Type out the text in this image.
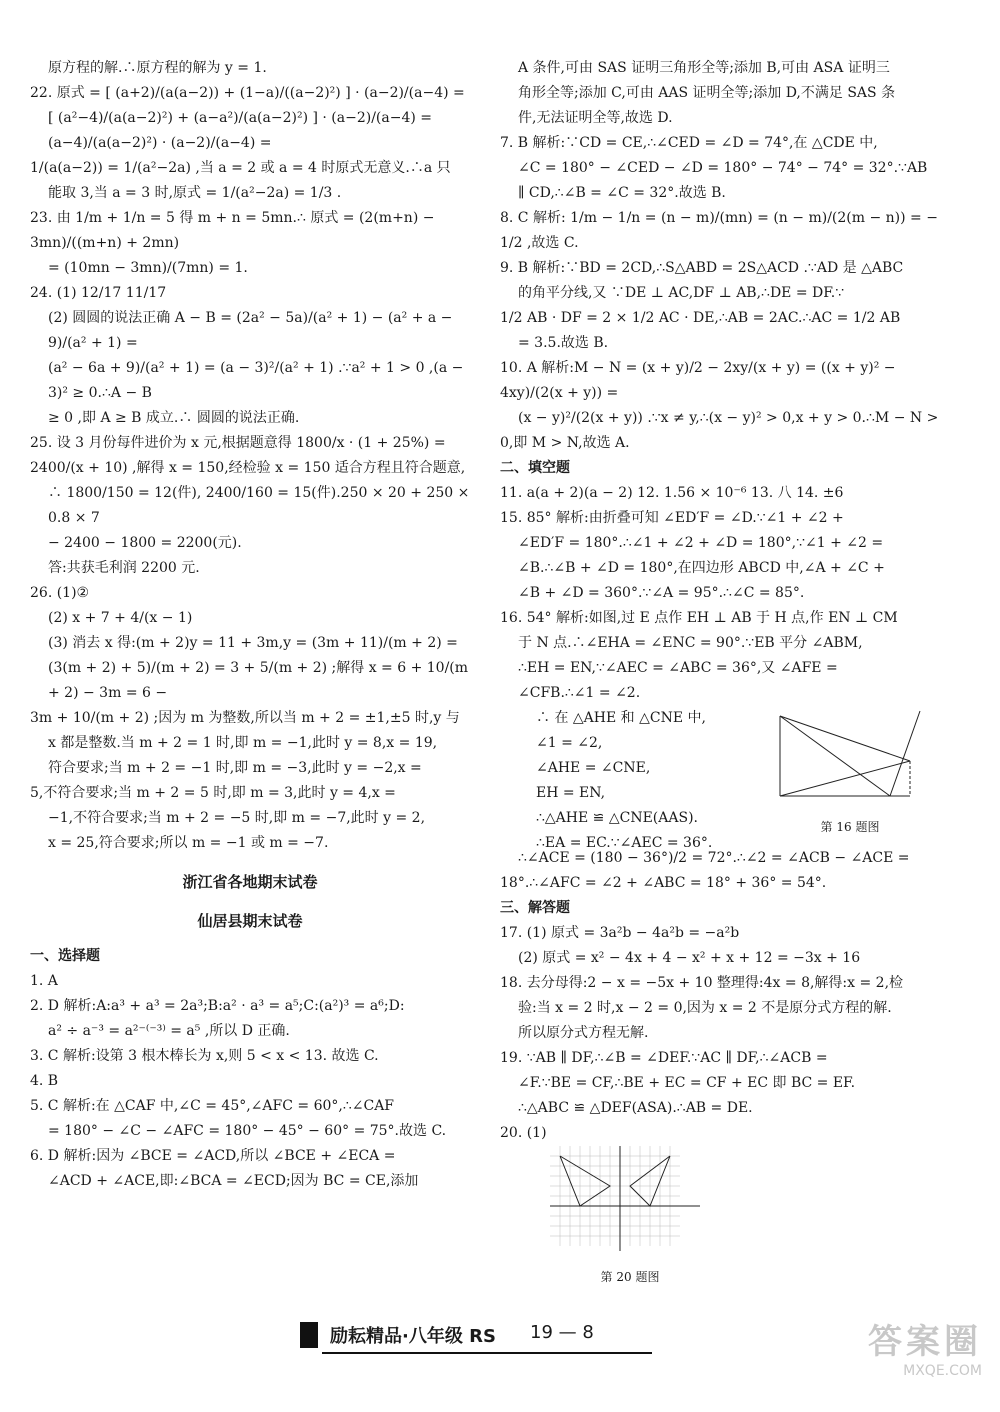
原方程的解.∴原方程的解为 y = 1.
22. 原式 = [ (a+2)/(a(a−2)) + (1−a)/((a−2)²) ] · (a−2)/(a−4) =
[ (a²−4)/(a(a−2)²) + (a−a²)/(a(a−2)²) ] · (a−2)/(a−4) = (a−4)/(a(a−2)²) · (a−2)/(a−4) =
1/(a(a−2)) = 1/(a²−2a) ,当 a = 2 或 a = 4 时原式无意义.∴a 只
能取 3,当 a = 3 时,原式 = 1/(a²−2a) = 1/3 .
23. 由 1/m + 1/n = 5 得 m + n = 5mn.∴ 原式 = (2(m+n) − 3mn)/((m+n) + 2mn)
= (10mn − 3mn)/(7mn) = 1.
24. (1) 12/17 11/17
(2) 圆圆的说法正确 A − B = (2a² − 5a)/(a² + 1) − (a² + a − 9)/(a² + 1) =
(a² − 6a + 9)/(a² + 1) = (a − 3)²/(a² + 1) .∵a² + 1 > 0 ,(a − 3)² ≥ 0.∴A − B
≥ 0 ,即 A ≥ B 成立.∴ 圆圆的说法正确.
25. 设 3 月份每件进价为 x 元,根据题意得 1800/x · (1 + 25%) =
2400/(x + 10) ,解得 x = 150,经检验 x = 150 适合方程且符合题意,
∴ 1800/150 = 12(件), 2400/160 = 15(件).250 × 20 + 250 × 0.8 × 7
− 2400 − 1800 = 2200(元).
答:共获毛利润 2200 元.
26. (1)②
(2) x + 7 + 4/(x − 1)
(3) 消去 x 得:(m + 2)y = 11 + 3m,y = (3m + 11)/(m + 2) =
(3(m + 2) + 5)/(m + 2) = 3 + 5/(m + 2) ;解得 x = 6 + 10/(m + 2) − 3m = 6 −
3m + 10/(m + 2) ;因为 m 为整数,所以当 m + 2 = ±1,±5 时,y 与
x 都是整数.当 m + 2 = 1 时,即 m = −1,此时 y = 8,x = 19,
符合要求;当 m + 2 = −1 时,即 m = −3,此时 y = −2,x =
5,不符合要求;当 m + 2 = 5 时,即 m = 3,此时 y = 4,x =
−1,不符合要求;当 m + 2 = −5 时,即 m = −7,此时 y = 2,
x = 25,符合要求;所以 m = −1 或 m = −7.
浙江省各地期末试卷
仙居县期末试卷
一、选择题
1. A
2. D 解析:A:a³ + a³ = 2a³;B:a² · a³ = a⁵;C:(a²)³ = a⁶;D:
a² ÷ a⁻³ = a²⁻⁽⁻³⁾ = a⁵ ,所以 D 正确.
3. C 解析:设第 3 根木棒长为 x,则 5 < x < 13. 故选 C.
4. B
5. C 解析:在 △CAF 中,∠C = 45°,∠AFC = 60°,∴∠CAF
= 180° − ∠C − ∠AFC = 180° − 45° − 60° = 75°.故选 C.
6. D 解析:因为 ∠BCE = ∠ACD,所以 ∠BCE + ∠ECA =
∠ACD + ∠ACE,即:∠BCA = ∠ECD;因为 BC = CE,添加
A 条件,可由 SAS 证明三角形全等;添加 B,可由 ASA 证明三
角形全等;添加 C,可由 AAS 证明全等;添加 D,不满足 SAS 条
件,无法证明全等,故选 D.
7. B 解析:∵CD = CE,∴∠CED = ∠D = 74°,在 △CDE 中,
∠C = 180° − ∠CED − ∠D = 180° − 74° − 74° = 32°.∵AB
∥ CD,∴∠B = ∠C = 32°.故选 B.
8. C 解析: 1/m − 1/n = (n − m)/(mn) = (n − m)/(2(m − n)) = − 1/2 ,故选 C.
9. B 解析:∵BD = 2CD,∴S△ABD = 2S△ACD .∵AD 是 △ABC
的角平分线,又 ∵DE ⊥ AC,DF ⊥ AB,∴DE = DF.∵
1/2 AB · DF = 2 × 1/2 AC · DE,∴AB = 2AC.∴AC = 1/2 AB
= 3.5.故选 B.
10. A 解析:M − N = (x + y)/2 − 2xy/(x + y) = ((x + y)² − 4xy)/(2(x + y)) =
(x − y)²/(2(x + y)) .∵x ≠ y,∴(x − y)² > 0,x + y > 0.∴M − N >
0,即 M > N,故选 A.
二、填空题
11. a(a + 2)(a − 2) 12. 1.56 × 10⁻⁶ 13. 八 14. ±6
15. 85° 解析:由折叠可知 ∠ED′F = ∠D.∵∠1 + ∠2 +
∠ED′F = 180°.∴∠1 + ∠2 + ∠D = 180°,∵∠1 + ∠2 =
∠B.∴∠B + ∠D = 180°,在四边形 ABCD 中,∠A + ∠C +
∠B + ∠D = 360°.∵∠A = 95°.∴∠C = 85°.
16. 54° 解析:如图,过 E 点作 EH ⊥ AB 于 H 点,作 EN ⊥ CM
于 N 点.∴∠EHA = ∠ENC = 90°.∵EB 平分 ∠ABM,
∴EH = EN,∵∠AEC = ∠ABC = 36°,又 ∠AFE =
∠CFB.∴∠1 = ∠2.
∴ 在 △AHE 和 △CNE 中,
∠1 = ∠2,
∠AHE = ∠CNE,
EH = EN,
∴△AHE ≌ △CNE(AAS).
∴EA = EC.∵∠AEC = 36°.
第 16 题图
∴∠ACE = (180 − 36°)/2 = 72°.∴∠2 = ∠ACB − ∠ACE =
18°.∴∠AFC = ∠2 + ∠ABC = 18° + 36° = 54°.
三、解答题
17. (1) 原式 = 3a²b − 4a²b = −a²b
(2) 原式 = x² − 4x + 4 − x² + x + 12 = −3x + 16
18. 去分母得:2 − x = −5x + 10 整理得:4x = 8,解得:x = 2,检
验:当 x = 2 时,x − 2 = 0,因为 x = 2 不是原分式方程的解.
所以原分式方程无解.
19. ∵AB ∥ DF,∴∠B = ∠DEF.∵AC ∥ DF,∴∠ACB =
∠F.∵BE = CF,∴BE + EC = CF + EC 即 BC = EF.
∴△ABC ≌ △DEF(ASA).∴AB = DE.
20. (1)
第 20 题图
励耘精品·八年级 RS 19 — 8	答案圈
MXQE.COM
